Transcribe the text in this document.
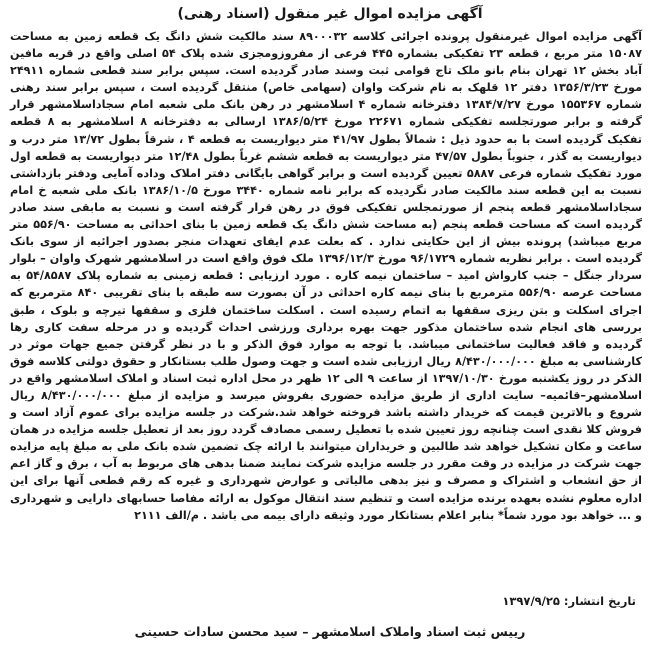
آگهی مزایده اموال غیر منقول (اسناد رهنی)

آگهی مزایده اموال غیرمنقول پرونده اجرائی کلاسه ۸۹۰۰۰۳۲ سند مالکیت شش دانگ یک قطعه زمین به مساحت ۱۵۰۸۷ متر مربع ، قطعه ۲۳ تفکیکی بشماره ۴۴۵ فرعی از مفروزومجزی شده پلاک ۵۴ اصلی واقع در قریه مافین آباد بخش ۱۲ تهران بنام بانو ملک تاج قوامی ثبت وسند صادر گردیده است. سپس برابر سند قطعی شماره ۲۴۹۱۱ مورخ ۱۳۵۶/۳/۲۳ دفتر ۱۲ قلهک به نام شرکت واوان (سهامی خاص) منتقل گردیده است ، سپس برابر سند رهنی شماره ۱۵۵۳۶۷ مورخ ۱۳۸۴/۷/۲۷ دفترخانه شماره ۴ اسلامشهر در رهن بانک ملی شعبه امام سجاداسلامشهر قرار گرفته و برابر صورتجلسه تفکیکی شماره ۲۲۶۷۱ مورخ ۱۳۸۶/۵/۲۴ ارسالی به دفترخانه ۸ اسلامشهر به ۸ قطعه تفکیک گردیده است با به حدود ذیل : شمالاً بطول ۴۱/۹۷ متر دیواریست به قطعه ۴ ، شرقاً بطول ۱۳/۷۲ متر درب و دیواریست به گذر ، جنوباً بطول ۴۷/۵۷ متر دیواریست به قطعه ششم غرباً بطول ۱۲/۴۸ متر دیواریست به قطعه اول مورد تفکیک شماره فرعی ۵۸۸۷ تعیین گردیده است و برابر گواهی بایگانی دفتر املاک وداده آمایی ودفتر بازداشتی نسبت به این قطعه سند مالکیت صادر نگردیده که برابر نامه شماره ۳۴۴۰ مورخ ۱۳۸۶/۱۰/۵ بانک ملی شعبه خ امام سجاداسلامشهر قطعه پنجم از صورتمجلس تفکیکی فوق در رهن قرار گرفته است و نسبت به مابقی سند صادر گردیده است که مساحت قطعه پنجم (به مساحت شش دانگ یک قطعه زمین با بنای احداثی به مساحت ۵۵۶/۹۰ متر مربع میباشد) پرونده بیش از این حکایتی ندارد . که بعلت عدم ایفای تعهدات منجر بصدور اجرائیه از سوی بانک گردیده است . برابر نظریه شماره ۹۶/۱۷۲۹ مورخ ۱۳۹۶/۱۲/۳ ملک فوق واقع است در اسلامشهر شهرک واوان – بلوار سردار جنگل – جنب کارواش امید – ساختمان نیمه کاره . مورد ارزیابی : قطعه زمینی به شماره پلاک ۵۴/۸۵۸۷ به مساحت عرصه ۵۵۶/۹۰ مترمربع با بنای نیمه کاره احداثی در آن بصورت سه طبقه با بنای تقریبی ۸۴۰ مترمربع که اجرای اسکلت و بتن ریزی سقفها به اتمام رسیده است . اسکلت ساختمان فلزی و سقفها تیرچه و بلوک ، طبق بررسی های انجام شده ساختمان مذکور جهت بهره برداری ورزشی احداث گردیده و در مرحله سفت کاری رها گردیده و فاقد فعالیت ساختمانی میباشد. با توجه به موارد فوق الذکر و با در نظر گرفتن جمیع جهات موثر در کارشناسی به مبلغ ۸/۴۳۰/۰۰۰/۰۰۰ ریال ارزیابی شده است و جهت وصول طلب بستانکار و حقوق دولتی کلاسه فوق الذکر در روز یکشنبه مورخ ۱۳۹۷/۱۰/۳۰ از ساعت ۹ الی ۱۲ ظهر در محل اداره ثبت اسناد و املاک اسلامشهر واقع در اسلامشهر–قائمیه– سایت اداری از طریق مزایده حضوری بفروش میرسد و مزایده از مبلغ ۸/۴۳۰/۰۰۰/۰۰۰ ریال شروع و بالاترین قیمت که خریدار داشته باشد فروخته خواهد شد.شرکت در جلسه مزایده برای عموم آزاد است و فروش کلا نقدی است چنانچه روز تعیین شده با تعطیل رسمی مصادف گردد روز بعد از تعطیل جلسه مزایده در همان ساعت و مکان تشکیل خواهد شد طالبین و خریداران میتوانند با ارائه چک تضمین شده بانک ملی به مبلغ پایه مزایده جهت شرکت در مزایده در وقت مقرر در جلسه مزایده شرکت نمایند ضمنا بدهی های مربوط به آب ، برق و گاز اعم از حق انشعاب و اشتراک و مصرف و نیز بدهی مالیاتی و عوارض شهرداری و غیره که رقم قطعی آنها برای این اداره معلوم نشده بعهده برنده مزایده است و تنظیم سند انتقال موکول به ارائه مفاصا حسابهای دارایی و شهرداری و ... خواهد بود مورد شماً* بنابر اعلام بستانکار مورد وثیقه دارای بیمه می باشد . م/الف ۲۱۱۱

تاریخ انتشار: ۱۳۹۷/۹/۲۵
رییس ثبت اسناد واملاک اسلامشهر – سید محسن سادات حسینی
